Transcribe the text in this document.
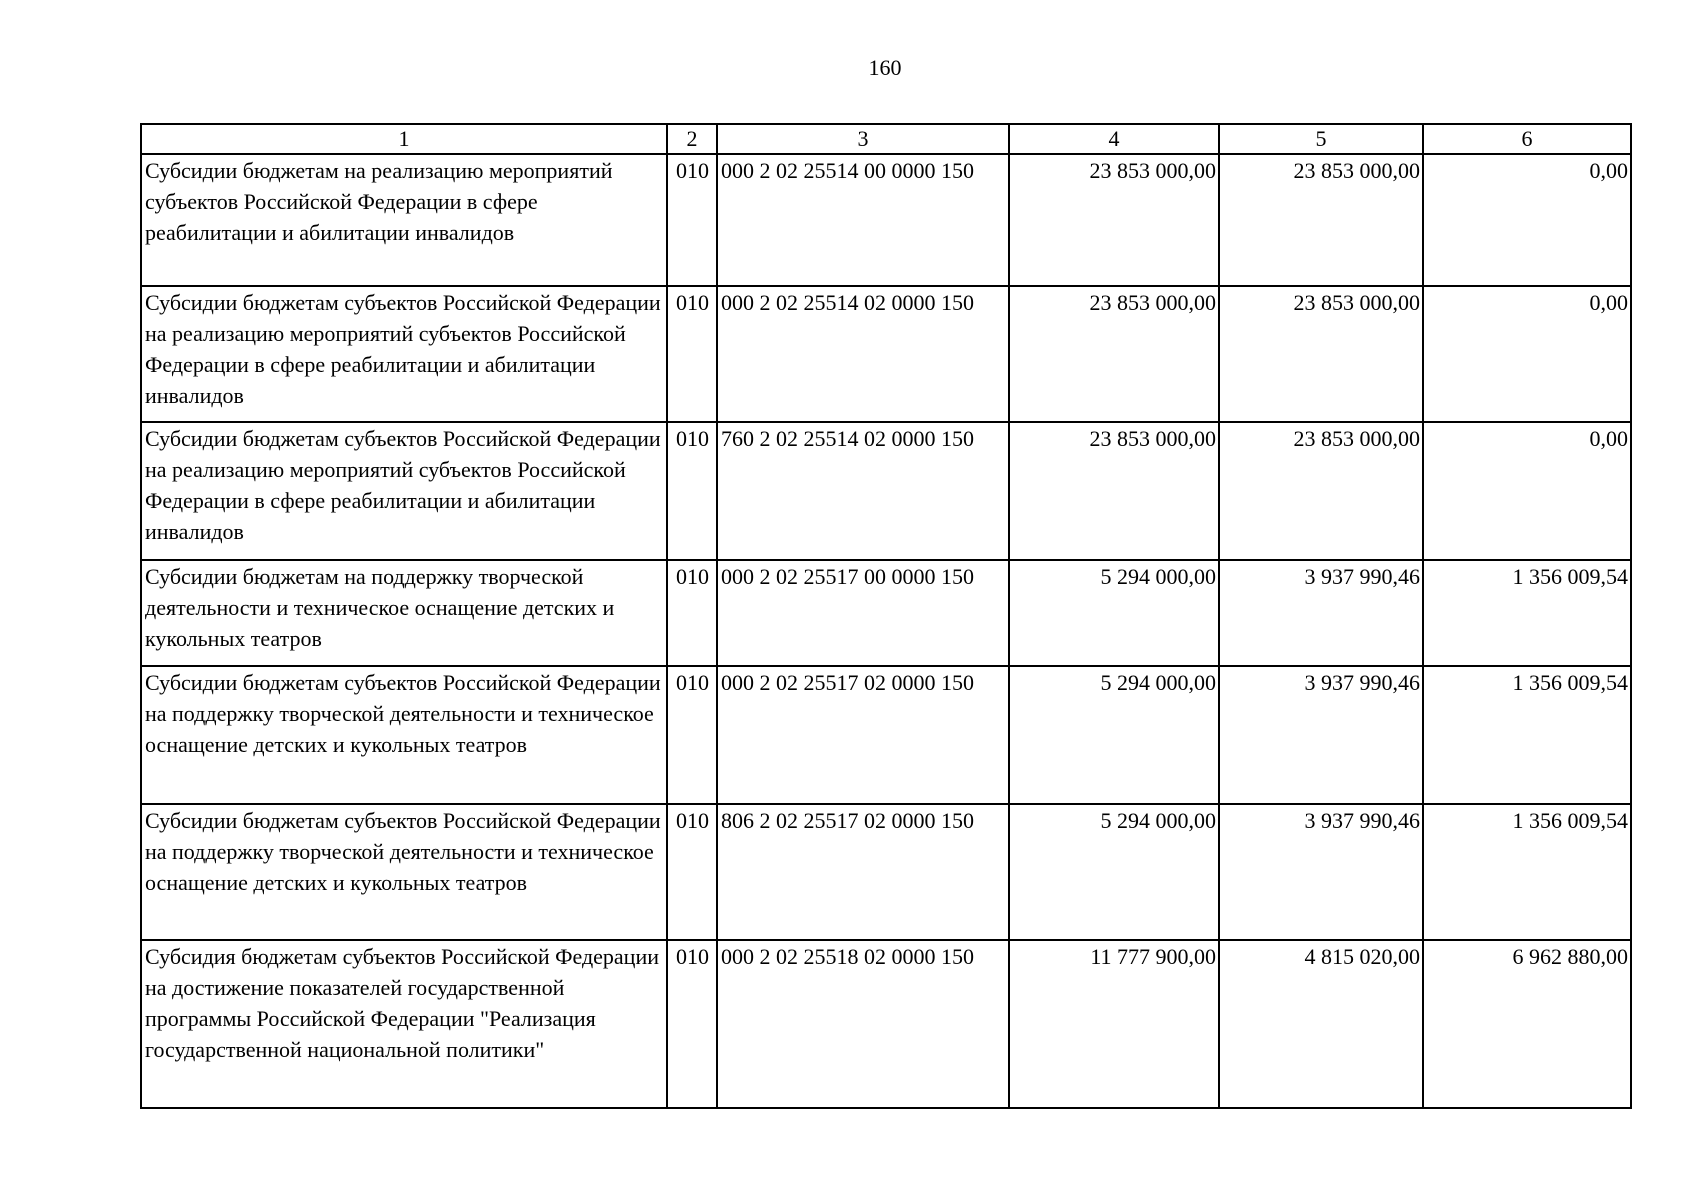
160
1	2	3	4	5	6
Субсидии бюджетам на реализацию мероприятий субъектов Российской Федерации в сфере реабилитации и абилитации инвалидов	010	000 2 02 25514 00 0000 150	23 853 000,00	23 853 000,00	0,00
Субсидии бюджетам субъектов Российской Федерации на реализацию мероприятий субъектов Российской Федерации в сфере реабилитации и абилитации инвалидов	010	000 2 02 25514 02 0000 150	23 853 000,00	23 853 000,00	0,00
Субсидии бюджетам субъектов Российской Федерации на реализацию мероприятий субъектов Российской Федерации в сфере реабилитации и абилитации инвалидов	010	760 2 02 25514 02 0000 150	23 853 000,00	23 853 000,00	0,00
Субсидии бюджетам на поддержку творческой деятельности и техническое оснащение детских и кукольных театров	010	000 2 02 25517 00 0000 150	5 294 000,00	3 937 990,46	1 356 009,54
Субсидии бюджетам субъектов Российской Федерации на поддержку творческой деятельности и техническое оснащение детских и кукольных театров	010	000 2 02 25517 02 0000 150	5 294 000,00	3 937 990,46	1 356 009,54
Субсидии бюджетам субъектов Российской Федерации на поддержку творческой деятельности и техническое оснащение детских и кукольных театров	010	806 2 02 25517 02 0000 150	5 294 000,00	3 937 990,46	1 356 009,54
Субсидия бюджетам субъектов Российской Федерации на достижение показателей государственной программы Российской Федерации "Реализация государственной национальной политики"	010	000 2 02 25518 02 0000 150	11 777 900,00	4 815 020,00	6 962 880,00
